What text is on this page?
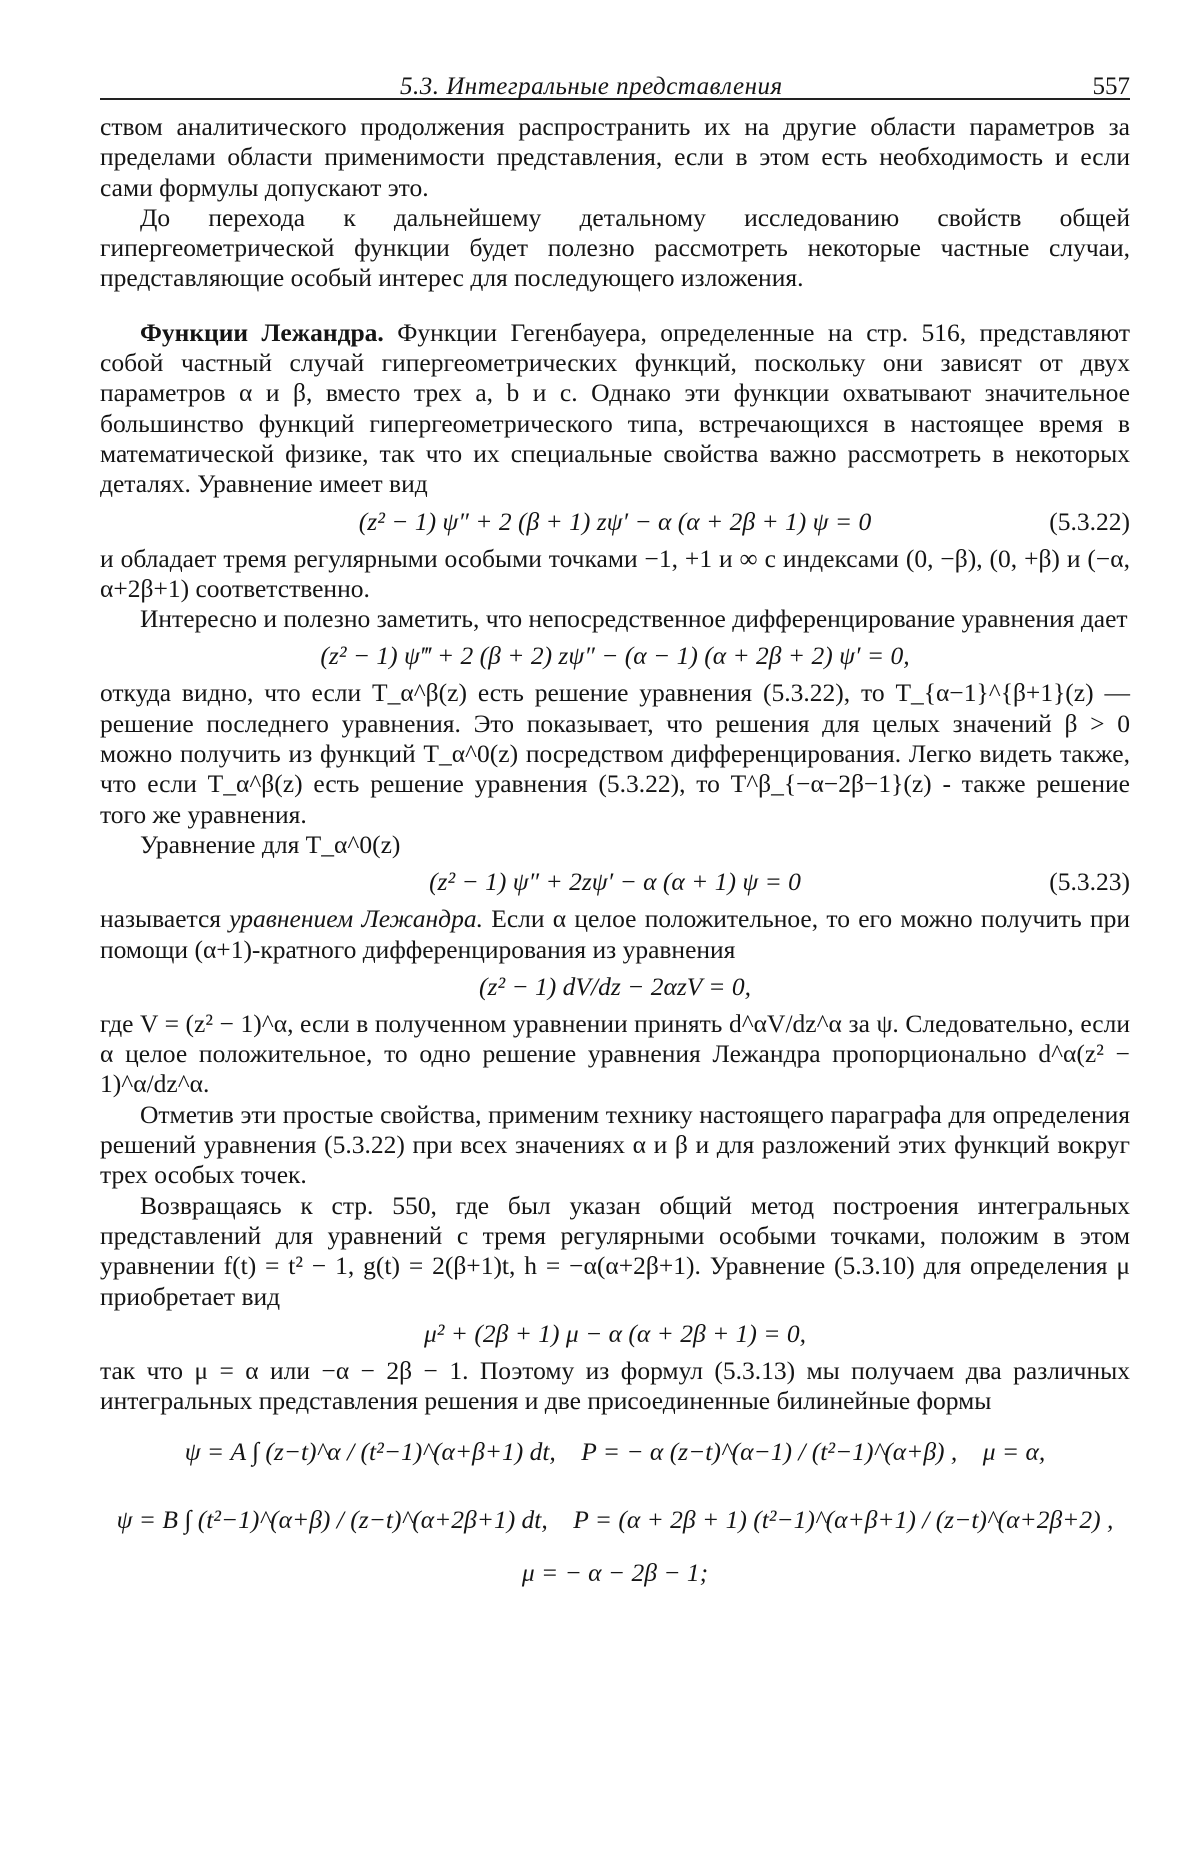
5.3. Интегральные представления	557

ством аналитического продолжения распространить их на другие области параметров за пределами области применимости представления, если в этом есть необходимость и если сами формулы допускают это.

До перехода к дальнейшему детальному исследованию свойств общей гипергеометрической функции будет полезно рассмотреть некоторые частные случаи, представляющие особый интерес для последующего изложения.

Функции Лежандра. Функции Гегенбауера, определенные на стр. 516, представляют собой частный случай гипергеометрических функций, поскольку они зависят от двух параметров α и β, вместо трех a, b и c. Однако эти функции охватывают значительное большинство функций гипергеометрического типа, встречающихся в настоящее время в математической физике, так что их специальные свойства важно рассмотреть в некоторых деталях. Уравнение имеет вид

(z² − 1) ψ″ + 2 (β + 1) zψ′ − α (α + 2β + 1) ψ = 0	(5.3.22)

и обладает тремя регулярными особыми точками −1, +1 и ∞ с индексами (0, −β), (0, +β) и (−α, α+2β+1) соответственно.

Интересно и полезно заметить, что непосредственное дифференцирование уравнения дает

(z² − 1) ψ‴ + 2 (β + 2) zψ″ − (α − 1) (α + 2β + 2) ψ′ = 0,

откуда видно, что если T_α^β(z) есть решение уравнения (5.3.22), то T_{α−1}^{β+1}(z) — решение последнего уравнения. Это показывает, что решения для целых значений β > 0 можно получить из функций T_α^0(z) посредством дифференцирования. Легко видеть также, что если T_α^β(z) есть решение уравнения (5.3.22), то T^β_{−α−2β−1}(z) - также решение того же уравнения.

Уравнение для T_α^0(z)

(z² − 1) ψ″ + 2zψ′ − α (α + 1) ψ = 0	(5.3.23)

называется уравнением Лежандра. Если α целое положительное, то его можно получить при помощи (α+1)-кратного дифференцирования из уравнения

(z² − 1) dV/dz − 2αzV = 0,

где V = (z² − 1)^α, если в полученном уравнении принять d^αV/dz^α за ψ. Следовательно, если α целое положительное, то одно решение уравнения Лежандра пропорционально d^α(z² − 1)^α/dz^α.

Отметив эти простые свойства, применим технику настоящего параграфа для определения решений уравнения (5.3.22) при всех значениях α и β и для разложений этих функций вокруг трех особых точек.

Возвращаясь к стр. 550, где был указан общий метод построения интегральных представлений для уравнений с тремя регулярными особыми точками, положим в этом уравнении f(t) = t² − 1, g(t) = 2(β+1)t, h = −α(α+2β+1). Уравнение (5.3.10) для определения μ приобретает вид

μ² + (2β + 1) μ − α (α + 2β + 1) = 0,

так что μ = α или −α − 2β − 1. Поэтому из формул (5.3.13) мы получаем два различных интегральных представления решения и две присоединенные билинейные формы

ψ = A ∫ (z−t)^α / (t²−1)^(α+β+1) dt,    P = − α (z−t)^(α−1) / (t²−1)^(α+β) ,    μ = α,
ψ = B ∫ (t²−1)^(α+β) / (z−t)^(α+2β+1) dt,    P = (α + 2β + 1) (t²−1)^(α+β+1) / (z−t)^(α+2β+2) ,
μ = − α − 2β − 1;
